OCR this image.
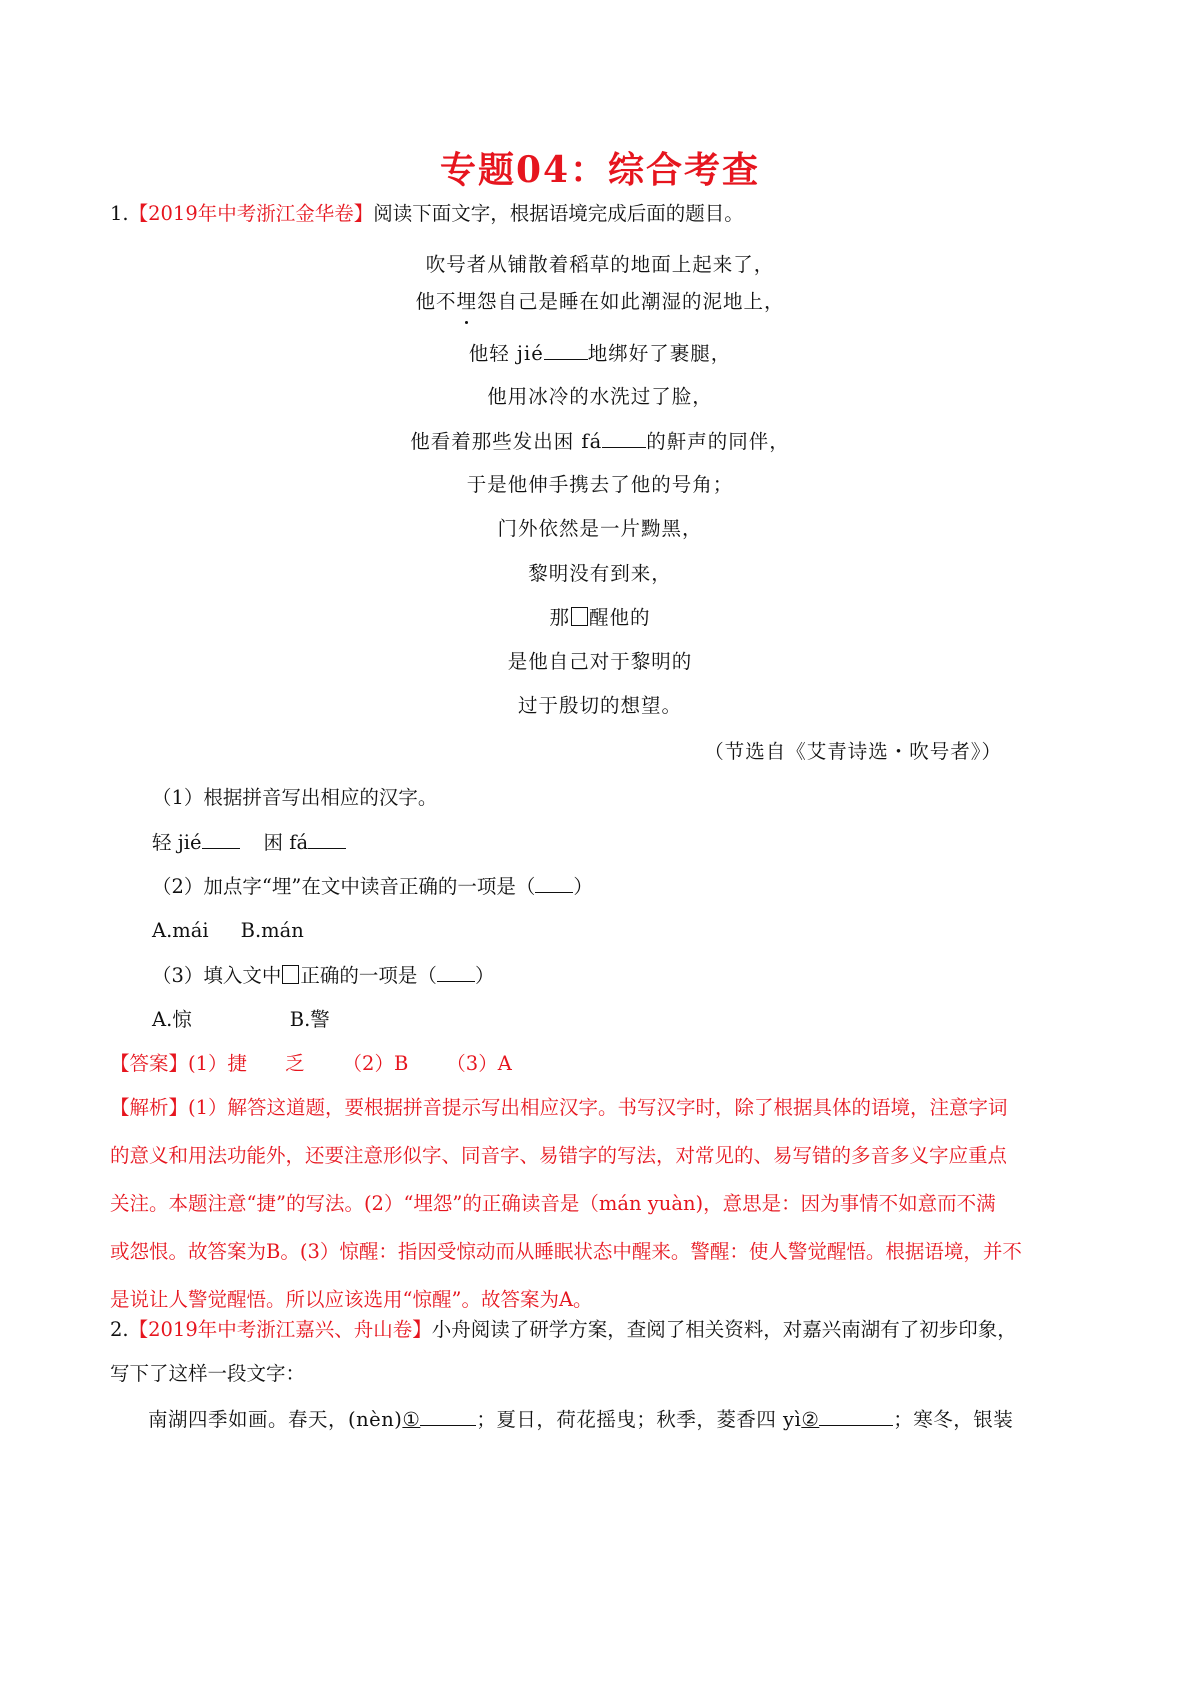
专题04：综合考查
1.【2019年中考浙江金华卷】阅读下面文字，根据语境完成后面的题目。
吹号者从铺散着稻草的地面上起来了，
他不埋怨自己是睡在如此潮湿的泥地上，
他轻 jié 地绑好了裹腿，
他用冰冷的水洗过了脸，
他看着那些发出困 fá 的鼾声的同伴，
于是他伸手携去了他的号角；
门外依然是一片黝黑，
黎明没有到来，
那 醒他的
是他自己对于黎明的
过于殷切的想望。
（节选自《艾青诗选・吹号者》）
（1）根据拼音写出相应的汉字。
轻 jié	困 fá
（2）加点字“埋”在文中读音正确的一项是（ ）
A.mái B.mán
（3）填入文中 正确的一项是（ ）
A.惊	B.警
【答案】(1）捷 乏 （2）B （3）A
【解析】(1）解答这道题，要根据拼音提示写出相应汉字。书写汉字时，除了根据具体的语境，注意字词
的意义和用法功能外，还要注意形似字、同音字、易错字的写法，对常见的、易写错的多音多义字应重点
关注。本题注意“捷”的写法。(2）“埋怨”的正确读音是（mán yuàn)，意思是：因为事情不如意而不满
或怨恨。故答案为B。(3）惊醒：指因受惊动而从睡眠状态中醒来。警醒：使人警觉醒悟。根据语境，并不
是说让人警觉醒悟。所以应该选用“惊醒”。故答案为A。
2.【2019年中考浙江嘉兴、舟山卷】小舟阅读了研学方案，查阅了相关资料，对嘉兴南湖有了初步印象，
写下了这样一段文字：
南湖四季如画。春天，(nèn)①	；夏日，荷花摇曳；秋季，菱香四 yì②	；寒冬，银装
